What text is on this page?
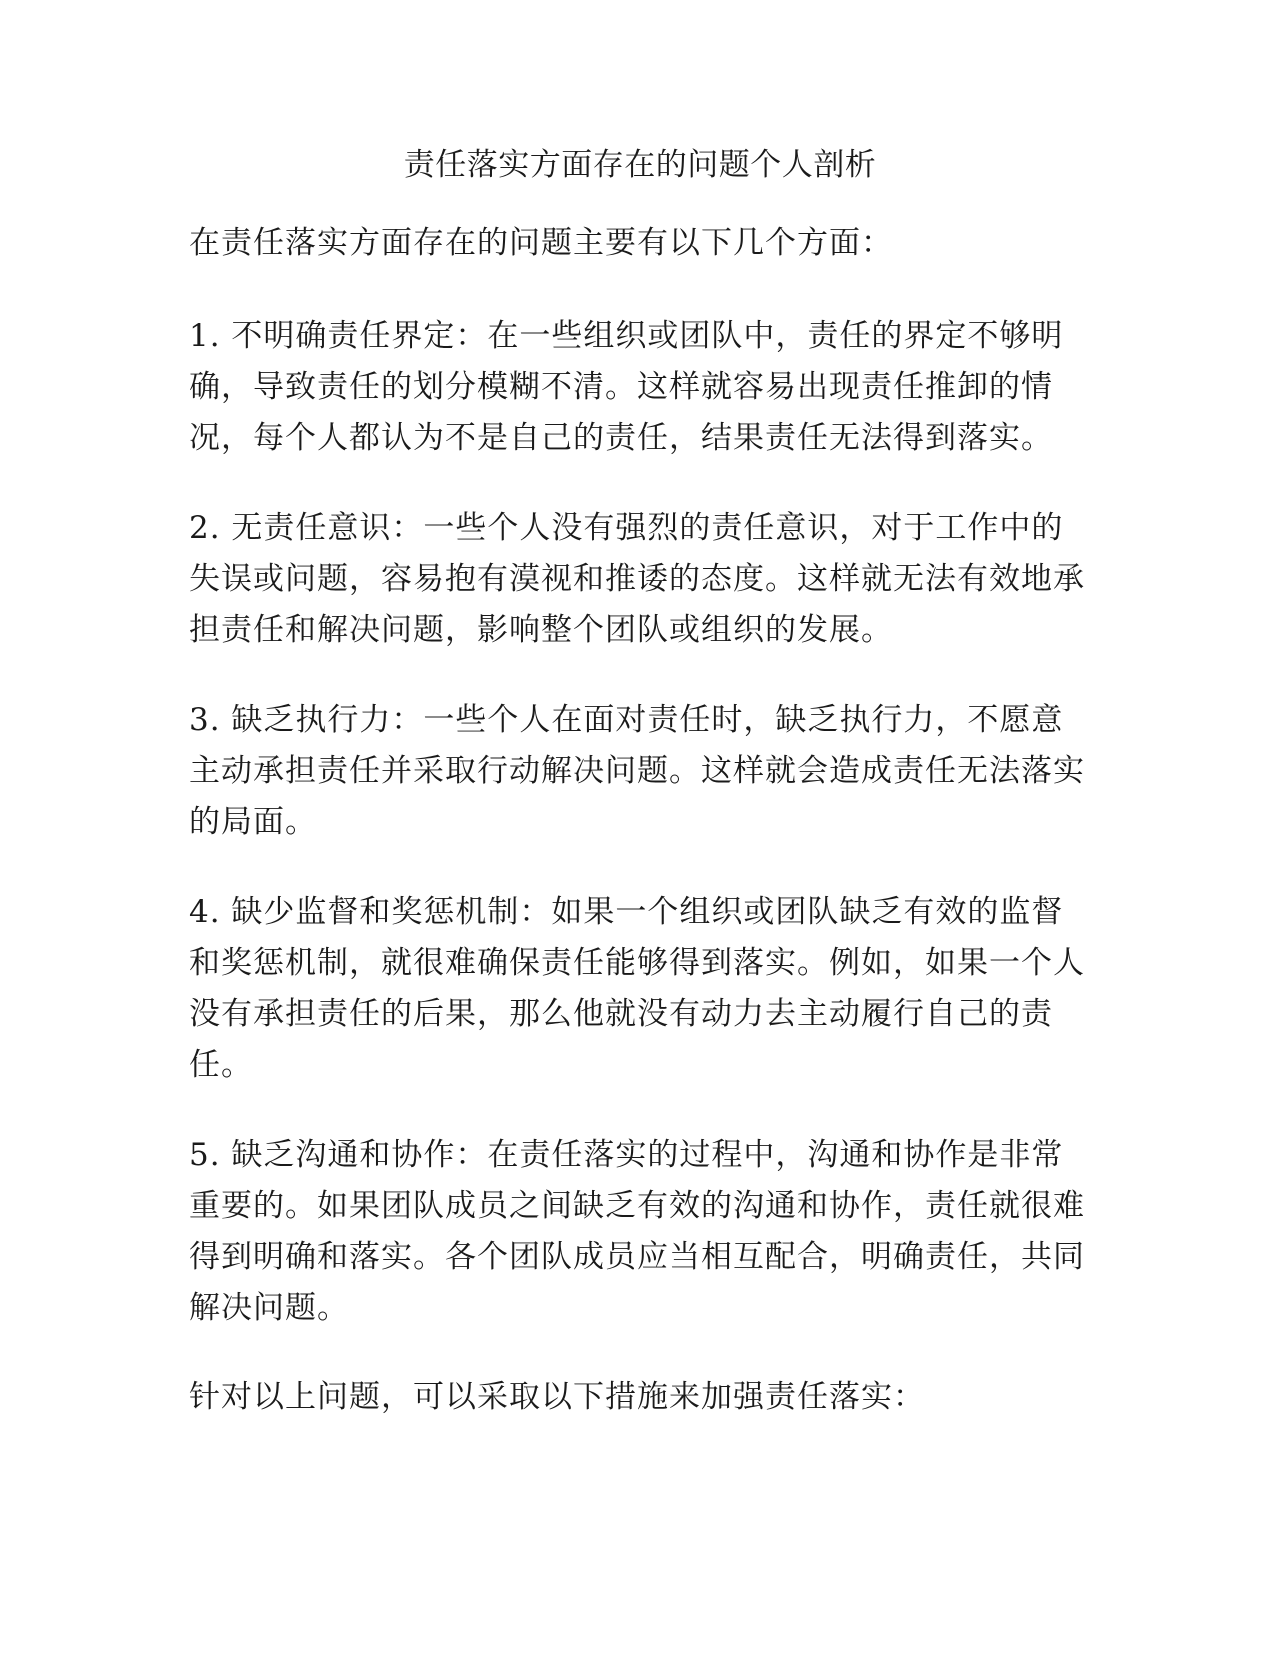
责任落实方面存在的问题个人剖析

在责任落实方面存在的问题主要有以下几个方面：

1. 不明确责任界定：在一些组织或团队中，责任的界定不够明确，导致责任的划分模糊不清。这样就容易出现责任推卸的情况，每个人都认为不是自己的责任，结果责任无法得到落实。

2. 无责任意识：一些个人没有强烈的责任意识，对于工作中的失误或问题，容易抱有漠视和推诿的态度。这样就无法有效地承担责任和解决问题，影响整个团队或组织的发展。

3. 缺乏执行力：一些个人在面对责任时，缺乏执行力，不愿意主动承担责任并采取行动解决问题。这样就会造成责任无法落实的局面。

4. 缺少监督和奖惩机制：如果一个组织或团队缺乏有效的监督和奖惩机制，就很难确保责任能够得到落实。例如，如果一个人没有承担责任的后果，那么他就没有动力去主动履行自己的责任。

5. 缺乏沟通和协作：在责任落实的过程中，沟通和协作是非常重要的。如果团队成员之间缺乏有效的沟通和协作，责任就很难得到明确和落实。各个团队成员应当相互配合，明确责任，共同解决问题。

针对以上问题，可以采取以下措施来加强责任落实：
